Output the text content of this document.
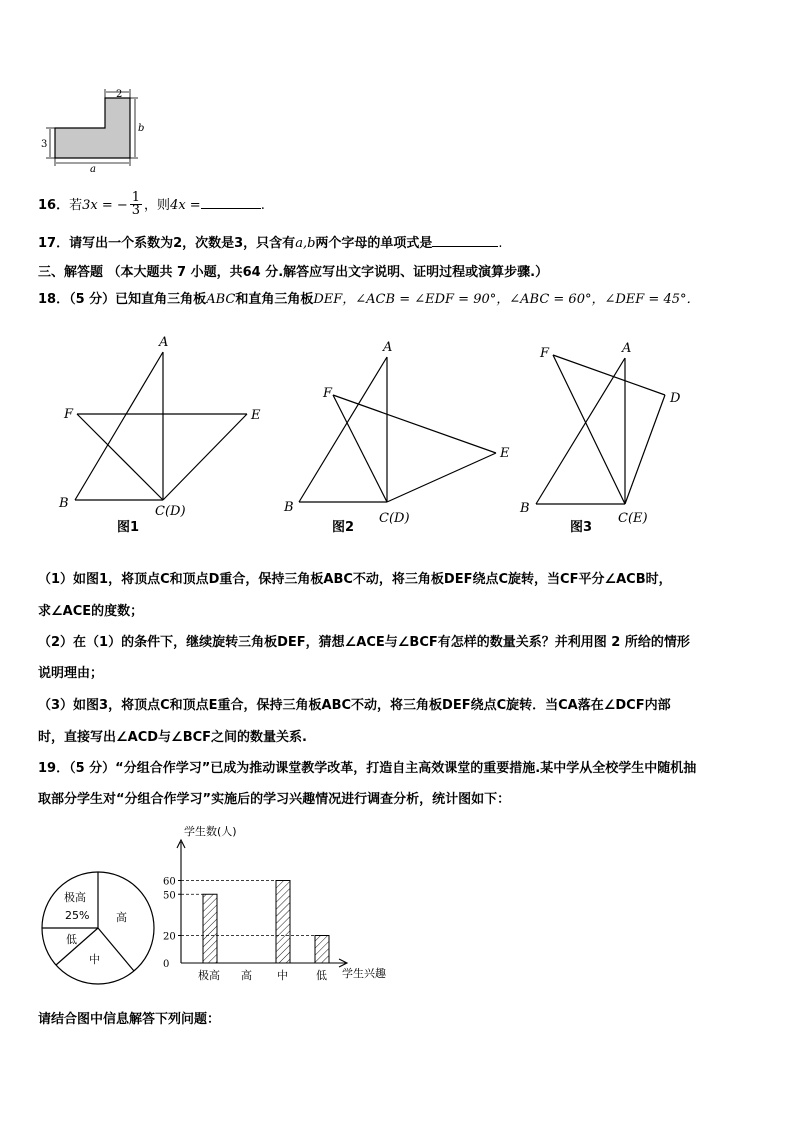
2
b
3
a
16．若3x = − $\frac{1}{3}$ ，则4x =	.
17．请写出一个系数为2，次数是3，只含有a,b两个字母的单项式是	.
三、解答题 （本大题共 7 小题，共64 分.解答应写出文字说明、证明过程或演算步骤.）
18．（5 分）已知直角三角板ABC和直角三角板DEF，∠ACB = ∠EDF = 90°，∠ABC = 60°，∠DEF = 45°．
A
F	E
B
C(D)
图1
A
F
E
B
C(D)
图2
A
F
D
B
C(E)
图3
（1）如图1，将顶点C和顶点D重合，保持三角板ABC不动，将三角板DEF绕点C旋转，当CF平分∠ACB时，
求∠ACE的度数；
（2）在（1）的条件下，继续旋转三角板DEF，猜想∠ACE与∠BCF有怎样的数量关系？并利用图 2 所给的情形
说明理由；
（3）如图3，将顶点C和顶点E重合，保持三角板ABC不动，将三角板DEF绕点C旋转．当CA落在∠DCF内部
时，直接写出∠ACD与∠BCF之间的数量关系.
19．（5 分）“分组合作学习”已成为推动课堂教学改革，打造自主高效课堂的重要措施.某中学从全校学生中随机抽
取部分学生对“分组合作学习”实施后的学习兴趣情况进行调查分析，统计图如下：
极高
25% 高
低
中
学生数(人)
学生兴趣
0
20
50
60
极高 高 中	低
请结合图中信息解答下列问题：
